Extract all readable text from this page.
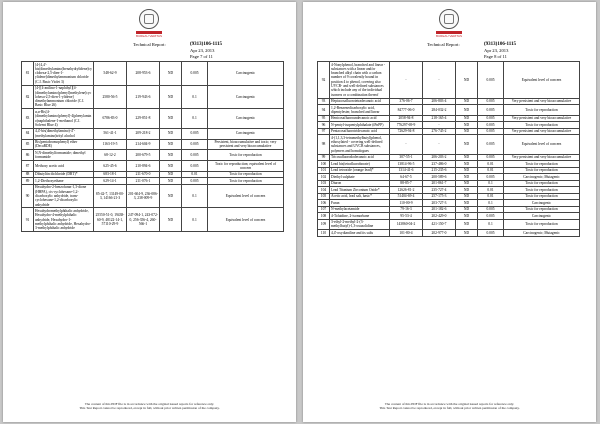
BUREAU VERITAS
Technical Report:	(9313)106-1115
Apr 23, 2013
Page 7 of 11
81	[4-[4,4'-bis(dimethylamino)benzhydrylidene]cyclohexa-2,5-dien-1-ylidene]dimethylammonium chloride (C.I. Basic Violet 3)	548-62-9	208-953-6	ND	0.005	Carcinogenic
82	[4-[[4-anilino-1-naphthyl][4-(dimethylamino)phenyl]methylene]cyclohexa-2,5-dien-1-ylidene] dimethylammonium chloride (C.I. Basic Blue 26)	2580-56-5	219-943-6	ND	0.1	Carcinogenic
83	α,α-Bis[4-(dimethylamino)phenyl]-4(phenylamino)naphthalene-1-methanol (C.I. Solvent Blue 4)	6786-83-0	229-851-8	ND	0.1	Carcinogenic
84	4,4'-bis(dimethylamino)-4''-(methylamino)trityl alcohol	561-41-1	209-218-2	ND	0.005	Carcinogenic
85	Bis(pentabromophenyl) ether (DecaBDE)	1163-19-5	214-604-9	ND	0.005	Persistent, bioaccumulative and toxic; very persistent and very bioaccumulative
86	N,N-dimethylformamide; dimethyl formamide	68-12-2	200-679-5	ND	0.005	Toxic for reproduction
87	Methoxy acetic acid	625-45-6	210-894-6	ND	0.005	Toxic for reproduction; equivalent level of concern
88	Dibutyltin dichloride (DBT)*	683-18-1	211-670-0	ND	0.01	Toxic for reproduction
89	1,2-Diethoxyethane	629-14-1	211-076-1	ND	0.005	Toxic for reproduction
90	Hexahydro-2-benzofuran-1,3-dione (HHPA), cis-cyclohexane-1,2-dicarboxylic anhydride, trans-cyclohexane-1,2-dicarboxylic anhydride	85-42-7, 13149-00-3, 14166-21-3	201-604-9, 236-086-3, 238-009-9	ND	0.1	Equivalent level of concern
91	Hexahydromethylphthalic anhydride, Hexahydro-4-methylphthalic anhydride, Hexahydro-1-methylphthalic anhydride, Hexahydro-3-methylphthalic anhydride	25550-51-0, 19438-60-9, 48122-14-1, 57110-29-9	247-094-1, 243-072-0, 256-356-4, 260-566-1	ND	0.1	Equivalent level of concern
The content of this PDF file is in accordance with the original issued reports for reference only.
This Test Report cannot be reproduced, except in full, without prior written permission of the company.
BUREAU VERITAS
Technical Report:	(9313)106-1115
Apr 23, 2013
Page 8 of 11
92	4-Nonylphenol, branched and linear - substances with a linear and/or branched alkyl chain with a carbon number of 9 covalently bound in position 4 to phenol, covering also UVCB- and well-defined substances which include any of the individual isomers or a combination thereof	-	-	ND	0.005	Equivalent level of concern
93	Heptacosafluorotetradecanoic acid	376-06-7	206-803-4	ND	0.005	Very persistent and very bioaccumulative
94	1,2-Benzenedicarboxylic acid, dipentylester, branched and linear	84777-06-0	284-032-2	ND	0.005	Toxic for reproduction
95	Henicosafluoroundecanoic acid	2058-94-8	218-165-4	ND	0.005	Very persistent and very bioaccumulative
96	N-pentyl-isopentylphthalate (iPnPP)	776297-69-9	-	ND	0.005	Toxic for reproduction
97	Pentacosafluorotridecanoic acid	72629-94-8	276-745-2	ND	0.005	Very persistent and very bioaccumulative
98	4-(1,1,3,3-tetramethylbutyl)phenol, ethoxylated - covering well-defined substances and UVCB substances, polymers and homologues	-	-	ND	0.005	Equivalent level of concern
99	Tricosafluorododecanoic acid	307-55-1	206-203-2	ND	0.005	Very persistent and very bioaccumulative
100	Lead bis(tetrafluoroborate)	13814-96-5	237-486-0	ND	0.01	Toxic for reproduction
101	Lead tetroxide (orange lead)*	1314-41-6	215-235-6	ND	0.01	Toxic for reproduction
102	Diethyl sulphate	64-67-5	200-589-6	ND	0.005	Carcinogenic; Mutagenic
103	Diuron	88-85-7	201-861-7	ND	0.1	Toxic for reproduction
104	Lead Titanium Zirconium Oxide*	12626-81-2	235-727-4	ND	0.01	Toxic for reproduction
105	Acetic acid, lead salt, basic*	51404-69-4	257-175-3	ND	0.01	Toxic for reproduction
106	Furan	110-00-9	203-727-3	ND	0.1	Carcinogenic
107	N-methylacetamide	79-16-3	201-182-6	ND	0.005	Toxic for reproduction
108	4-Toluidine, 2-isomorbane	95-53-4	202-429-0	ND	0.005	Carcinogenic
109	3-ethyl-2-methyl-2-(3-methylbutyl)-1,3-oxazolidine	143860-04-2	421-150-7	ND	0.1	Toxic for reproduction
110	4,4'-oxydianiline and its salts	101-80-4	202-977-0	ND	0.005	Carcinogenic; Mutagenic
The content of this PDF file is in accordance with the original issued reports for reference only.
This Test Report cannot be reproduced, except in full, without prior written permission of the company.
